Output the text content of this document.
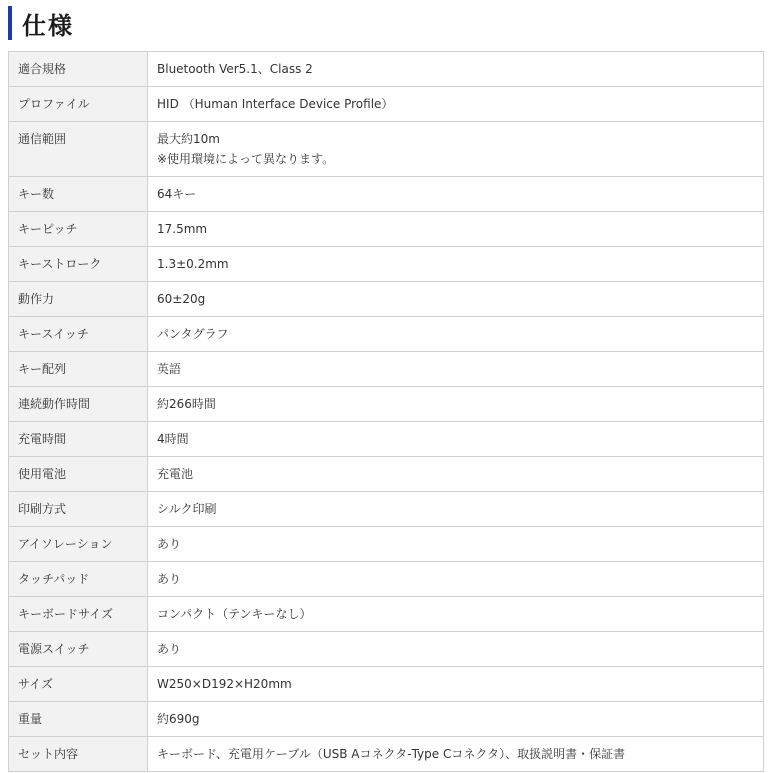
仕様
適合規格	Bluetooth Ver5.1、Class 2
プロファイル	HID （Human Interface Device Profile）
通信範囲	最大約10m
※使用環境によって異なります。

キー数	64キー
キーピッチ	17.5mm
キーストローク	1.3±0.2mm
動作力	60±20g
キースイッチ	パンタグラフ
キー配列	英語
連続動作時間	約266時間
充電時間	4時間
使用電池	充電池
印刷方式	シルク印刷
アイソレーション	あり
タッチパッド	あり
キーボードサイズ	コンパクト（テンキーなし）
電源スイッチ	あり
サイズ	W250×D192×H20mm
重量	約690g
セット内容	キーボード、充電用ケーブル（USB Aコネクタ-Type Cコネクタ）、取扱説明書・保証書
